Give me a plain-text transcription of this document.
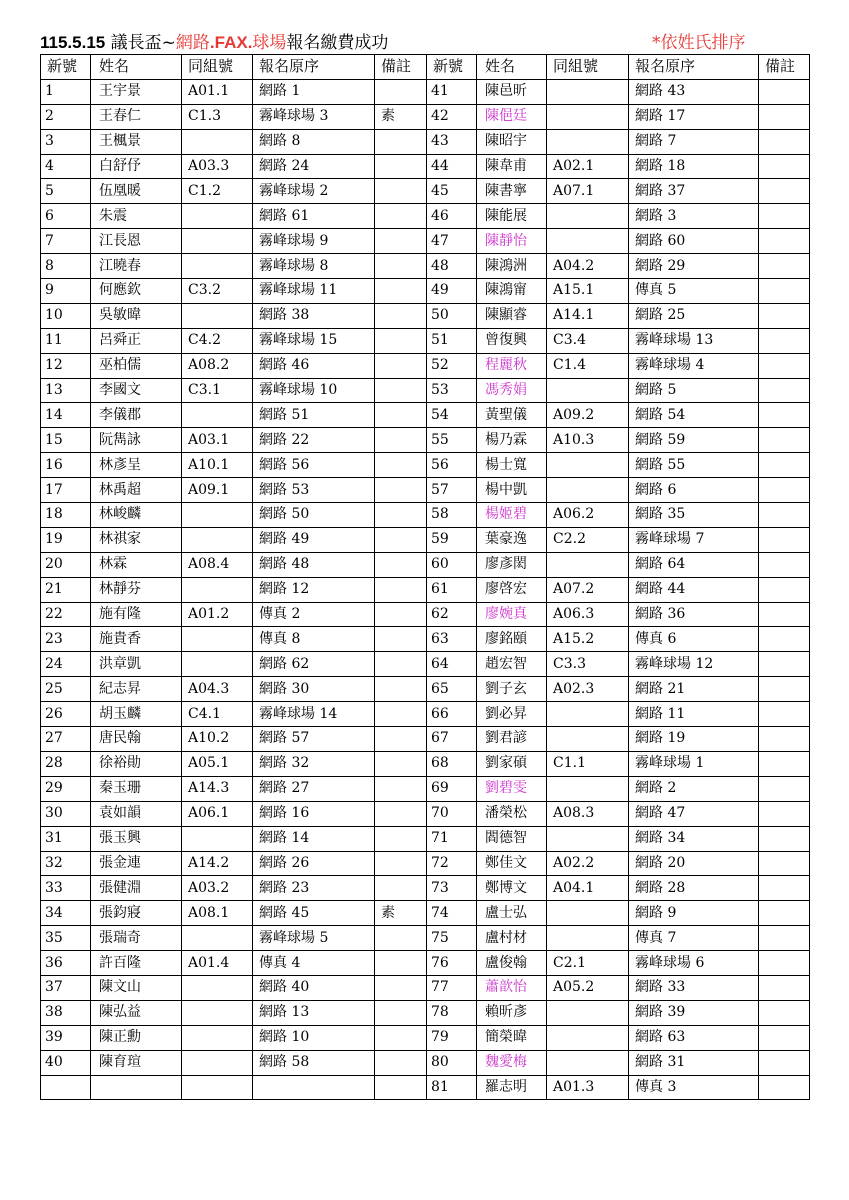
115.5.15 議長盃~網路.FAX.球場報名繳費成功	*依姓氏排序
新號	姓名	同組號	報名原序	備註	新號	姓名	同組號	報名原序	備註
1	王宇景	A01.1	網路 1		41	陳邑昕		網路 43	
2	王春仁	C1.3	霧峰球場 3	素	42	陳俋廷		網路 17	
3	王楓景		網路 8		43	陳昭宇		網路 7	
4	白舒伃	A03.3	網路 24		44	陳韋甫	A02.1	網路 18	
5	伍凰暖	C1.2	霧峰球場 2		45	陳書寧	A07.1	網路 37	
6	朱震		網路 61		46	陳能展		網路 3	
7	江長恩		霧峰球場 9		47	陳靜怡		網路 60	
8	江曉春		霧峰球場 8		48	陳鴻洲	A04.2	網路 29	
9	何應欽	C3.2	霧峰球場 11		49	陳鴻甯	A15.1	傳真 5	
10	吳敏暐		網路 38		50	陳顯睿	A14.1	網路 25	
11	呂舜正	C4.2	霧峰球場 15		51	曾復興	C3.4	霧峰球場 13	
12	巫柏儒	A08.2	網路 46		52	程麗秋	C1.4	霧峰球場 4	
13	李國文	C3.1	霧峰球場 10		53	馮秀娟		網路 5	
14	李儀郡		網路 51		54	黃聖儀	A09.2	網路 54	
15	阮雋詠	A03.1	網路 22		55	楊乃霖	A10.3	網路 59	
16	林彥呈	A10.1	網路 56		56	楊士寬		網路 55	
17	林禹超	A09.1	網路 53		57	楊中凱		網路 6	
18	林峻麟		網路 50		58	楊姬碧	A06.2	網路 35	
19	林祺家		網路 49		59	葉豪逸	C2.2	霧峰球場 7	
20	林霖	A08.4	網路 48		60	廖彥閎		網路 64	
21	林靜芬		網路 12		61	廖啓宏	A07.2	網路 44	
22	施有隆	A01.2	傳真 2		62	廖婉真	A06.3	網路 36	
23	施貴香		傳真 8		63	廖銘頤	A15.2	傳真 6	
24	洪章凱		網路 62		64	趙宏智	C3.3	霧峰球場 12	
25	紀志昇	A04.3	網路 30		65	劉子玄	A02.3	網路 21	
26	胡玉麟	C4.1	霧峰球場 14		66	劉必昇		網路 11	
27	唐民翰	A10.2	網路 57		67	劉君諺		網路 19	
28	徐裕勛	A05.1	網路 32		68	劉家碩	C1.1	霧峰球場 1	
29	秦玉珊	A14.3	網路 27		69	劉碧雯		網路 2	
30	袁如韻	A06.1	網路 16		70	潘榮松	A08.3	網路 47	
31	張玉興		網路 14		71	閻德智		網路 34	
32	張金連	A14.2	網路 26		72	鄭佳文	A02.2	網路 20	
33	張健淵	A03.2	網路 23		73	鄭博文	A04.1	網路 28	
34	張鈞寢	A08.1	網路 45	素	74	盧士弘		網路 9	
35	張瑞奇		霧峰球場 5		75	盧村材		傳真 7	
36	許百隆	A01.4	傳真 4		76	盧俊翰	C2.1	霧峰球場 6	
37	陳文山		網路 40		77	蕭歆怡	A05.2	網路 33	
38	陳弘益		網路 13		78	賴昕彥		網路 39	
39	陳正勳		網路 10		79	簡榮暐		網路 63	
40	陳育瑄		網路 58		80	魏愛梅		網路 31	
					81	羅志明	A01.3	傳真 3	
